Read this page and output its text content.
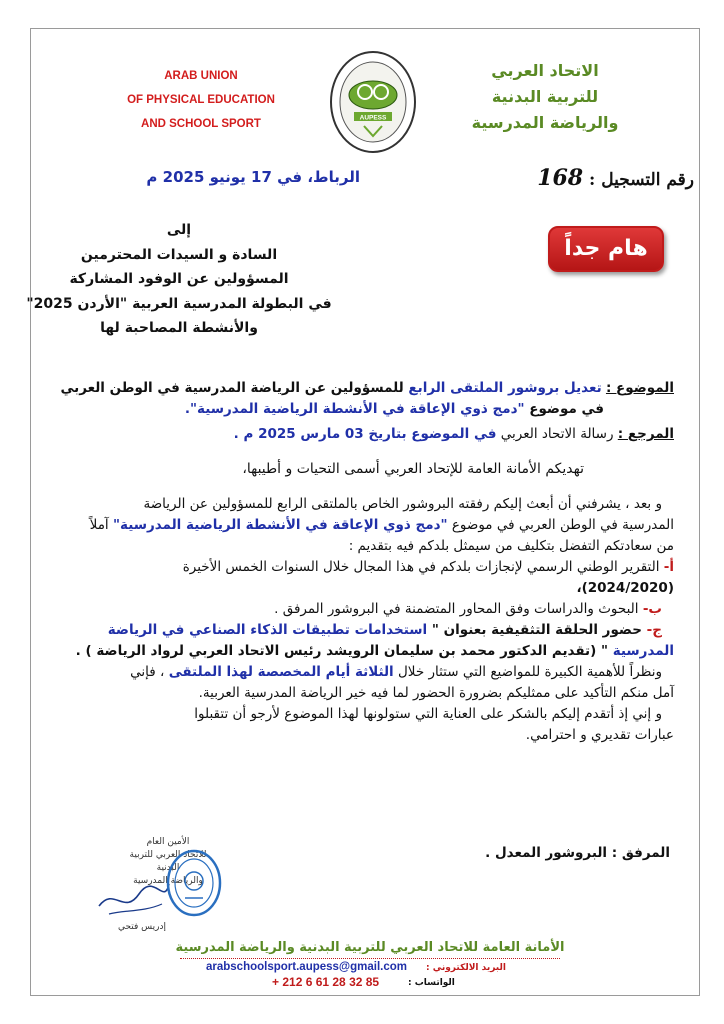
ARAB UNION
OF PHYSICAL EDUCATION
AND SCHOOL SPORT	AUPESS
الاتحاد العربي
للتربية البدنية
والرياضة المدرسية
رقم التسجيل : 168
الرباط، في 17 يونيو 2025 م
هام جداً
إلى
السادة و السيدات المحترمين
المسؤولين عن الوفود المشاركة
في البطولة المدرسية العربية "الأردن 2025"
والأنشطة المصاحبة لها

الموضوع : تعديل بروشور الملتقى الرابع للمسؤولين عن الرياضة المدرسية في الوطن العربي

في موضوع "دمج ذوي الإعاقة في الأنشطة الرياضية المدرسية".

المرجع : رسالة الاتحاد العربي في الموضوع بتاريخ 03 مارس 2025 م .

تهديكم الأمانة العامة للإتحاد العربي أسمى التحيات و أطيبها،

و بعد ، يشرفني أن أبعث إليكم رفقته البروشور الخاص بالملتقى الرابع للمسؤولين عن الرياضة

المدرسية في الوطن العربي في موضوع "دمج ذوي الإعاقة في الأنشطة الرياضية المدرسية" آملاً

من سعادتكم التفضل بتكليف من سيمثل بلدكم فيه بتقديم :

أ- التقرير الوطني الرسمي لإنجازات بلدكم في هذا المجال خلال السنوات الخمس الأخيرة

(2024/2020)،

ب- البحوث والدراسات وفق المحاور المتضمنة في البروشور المرفق .

ج- حضور الحلقة التثقيفية بعنوان " استخدامات تطبيقات الذكاء الصناعي في الرياضة

المدرسية " (تقديم الدكتور محمد بن سليمان الرويشد رئيس الاتحاد العربي لرواد الرياضة ) .

ونظراً للأهمية الكبيرة للمواضيع التي ستثار خلال الثلاثة أيام المخصصة لهذا الملتقى ، فإني

آمل منكم التأكيد على ممثليكم بضرورة الحضور لما فيه خير الرياضة المدرسية العربية.

و إني إذ أتقدم إليكم بالشكر على العناية التي ستولونها لهذا الموضوع لأرجو أن تتقبلوا

عبارات تقديري و احترامي.

الأمين العام
للاتحاد العربي للتربية البدنية
والرياضة المدرسية
إدريس فتحي
المرفق : البروشور المعدل .
الأمانة العامة للاتحاد العربي للتربية البدنية والرياضة المدرسية
arabschoolsport.aupess@gmail.com البريد الالكتروني :
+ 212 6 61 28 32 85	الواتساب :
